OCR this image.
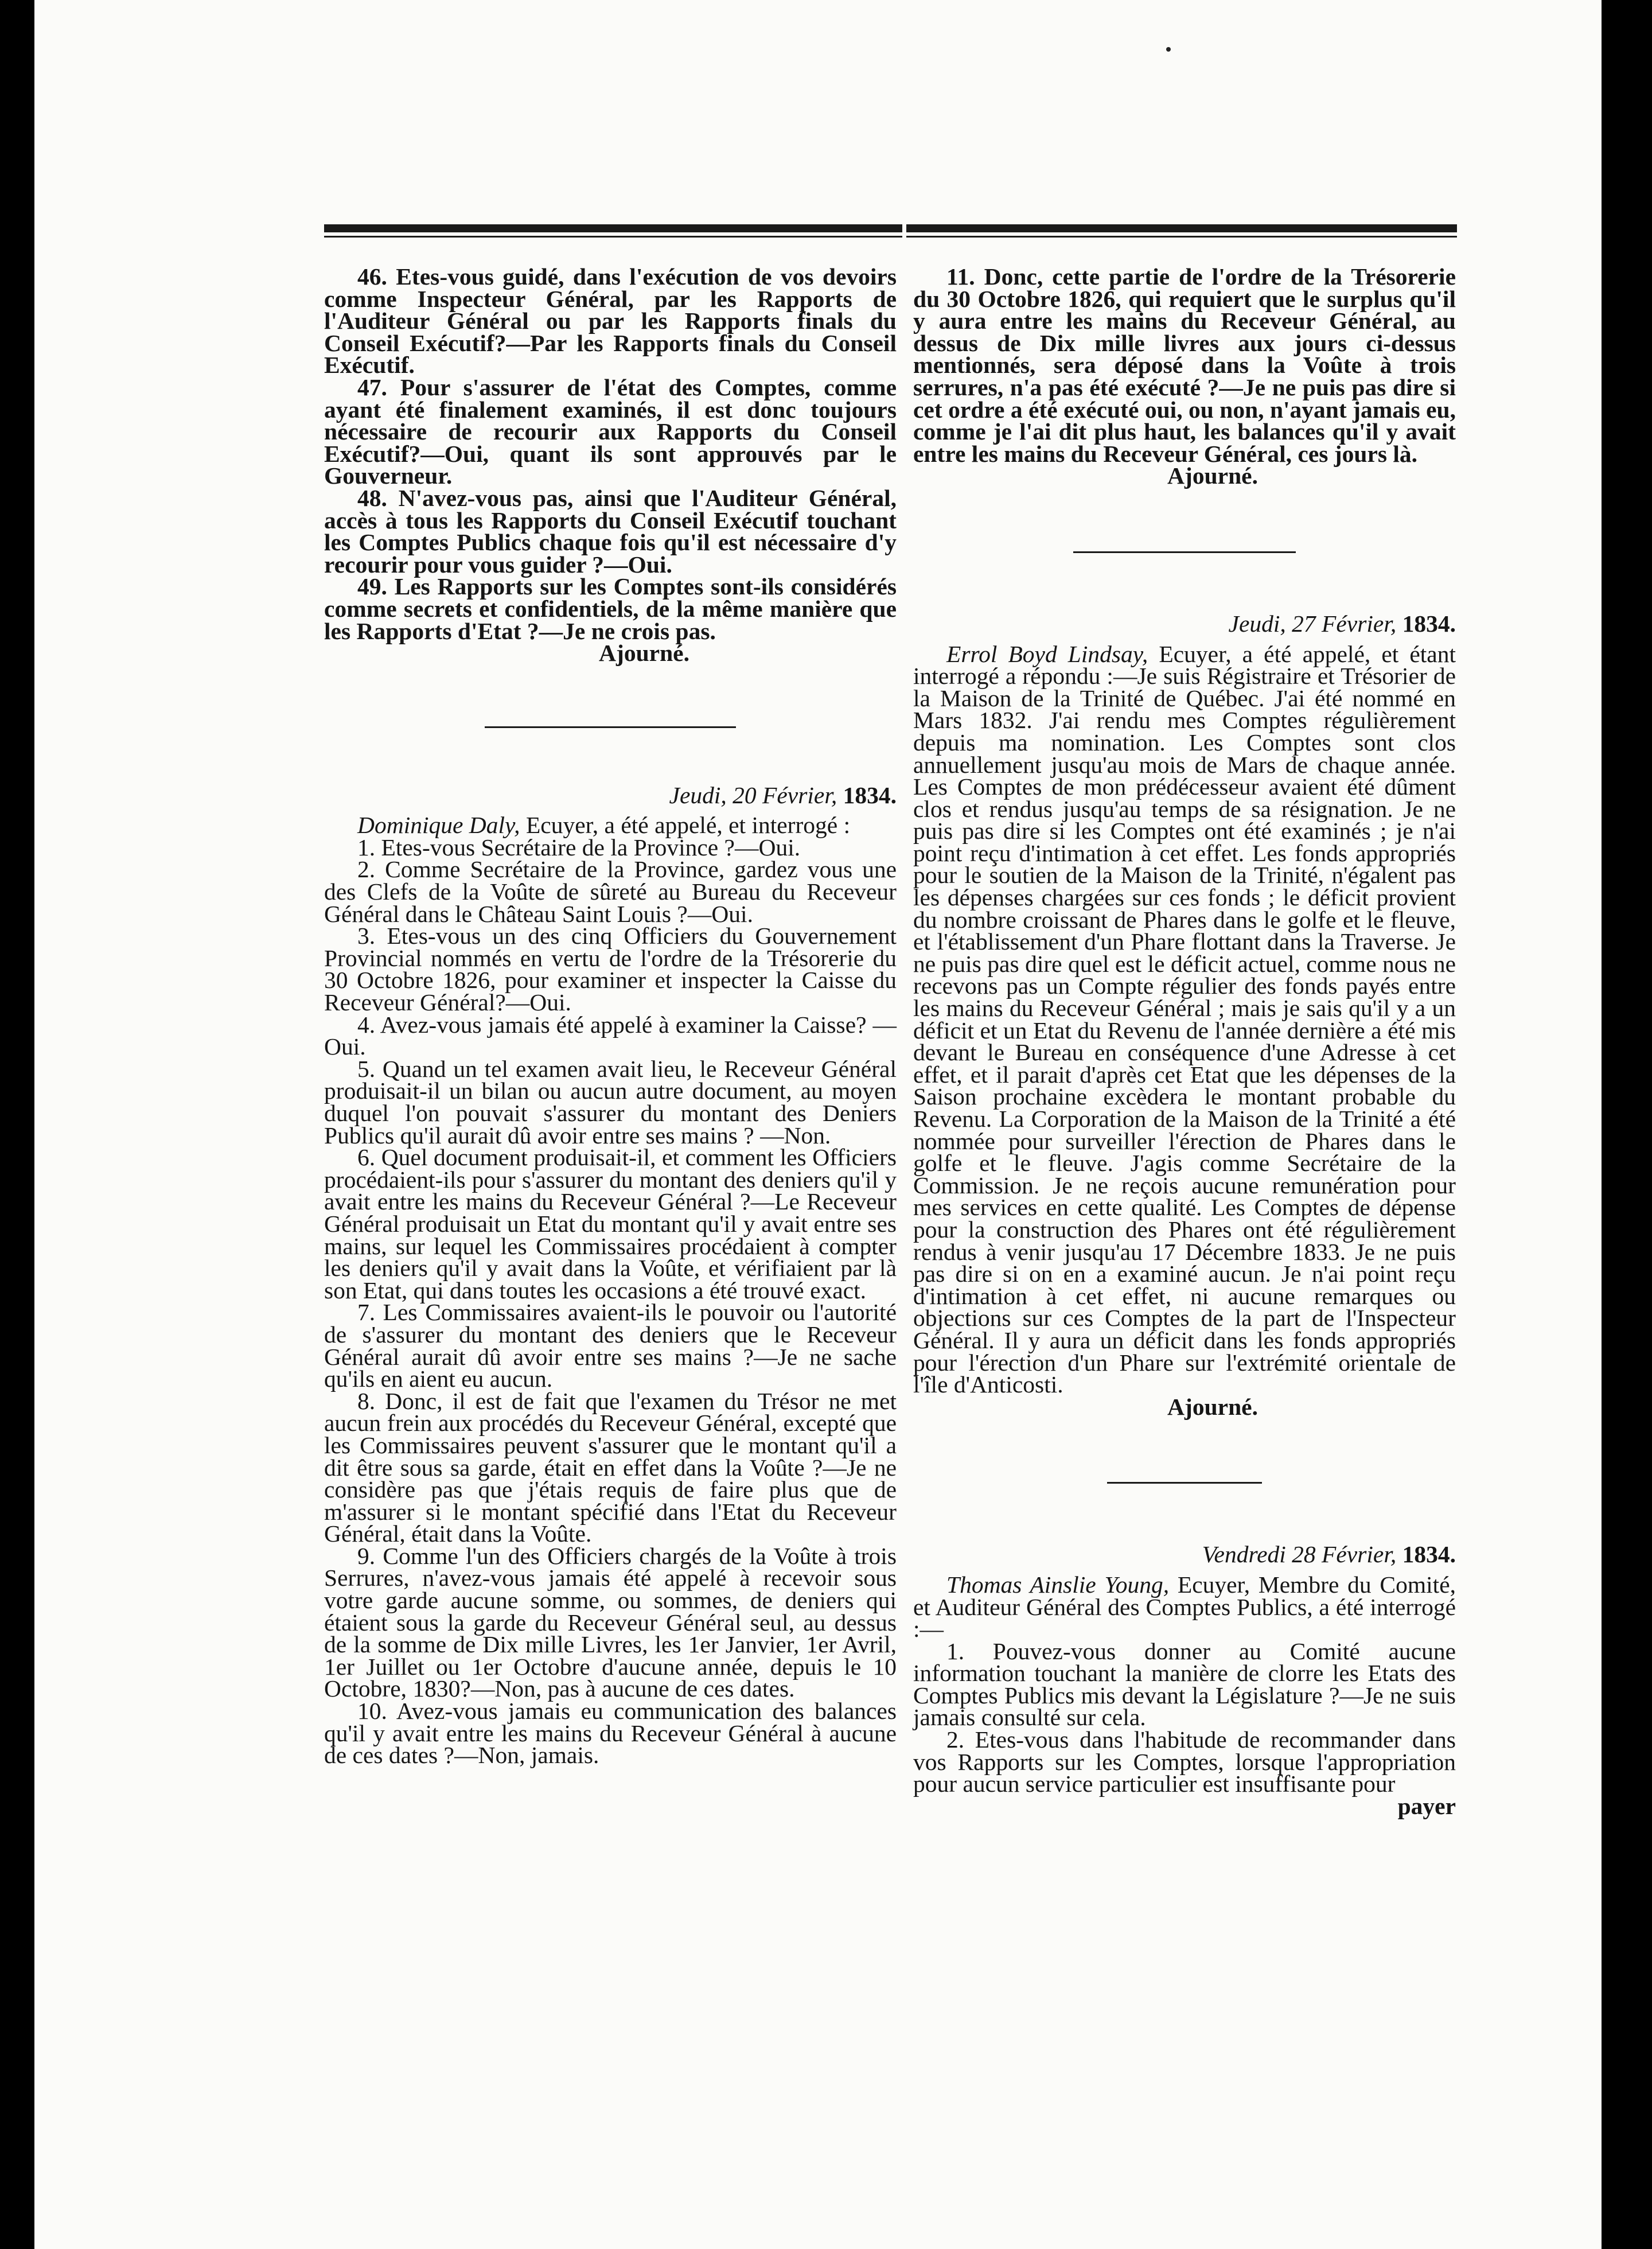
46. Etes-vous guidé, dans l'exécution de vos devoirs comme Inspecteur Général, par les Rapports de l'Auditeur Général ou par les Rapports finals du Conseil Exécutif?—Par les Rapports finals du Conseil Exécutif.

47. Pour s'assurer de l'état des Comptes, comme ayant été finalement examinés, il est donc toujours nécessaire de recourir aux Rapports du Conseil Exécutif?—Oui, quant ils sont approuvés par le Gouverneur.

48. N'avez-vous pas, ainsi que l'Auditeur Général, accès à tous les Rapports du Conseil Exécutif touchant les Comptes Publics chaque fois qu'il est nécessaire d'y recourir pour vous guider ?—Oui.

49. Les Rapports sur les Comptes sont-ils considérés comme secrets et confidentiels, de la même manière que les Rapports d'Etat ?—Je ne crois pas.

Ajourné.

Jeudi, 20 Février, 1834.

Dominique Daly, Ecuyer, a été appelé, et interrogé :

1. Etes-vous Secrétaire de la Province ?—Oui.

2. Comme Secrétaire de la Province, gardez vous une des Clefs de la Voûte de sûreté au Bureau du Receveur Général dans le Château Saint Louis ?—Oui.

3. Etes-vous un des cinq Officiers du Gouvernement Provincial nommés en vertu de l'ordre de la Trésorerie du 30 Octobre 1826, pour examiner et inspecter la Caisse du Receveur Général?—Oui.

4. Avez-vous jamais été appelé à examiner la Caisse? —Oui.

5. Quand un tel examen avait lieu, le Receveur Général produisait-il un bilan ou aucun autre document, au moyen duquel l'on pouvait s'assurer du montant des Deniers Publics qu'il aurait dû avoir entre ses mains ? —Non.

6. Quel document produisait-il, et comment les Officiers procédaient-ils pour s'assurer du montant des deniers qu'il y avait entre les mains du Receveur Général ?—Le Receveur Général produisait un Etat du montant qu'il y avait entre ses mains, sur lequel les Commissaires procédaient à compter les deniers qu'il y avait dans la Voûte, et vérifiaient par là son Etat, qui dans toutes les occasions a été trouvé exact.

7. Les Commissaires avaient-ils le pouvoir ou l'autorité de s'assurer du montant des deniers que le Receveur Général aurait dû avoir entre ses mains ?—Je ne sache qu'ils en aient eu aucun.

8. Donc, il est de fait que l'examen du Trésor ne met aucun frein aux procédés du Receveur Général, excepté que les Commissaires peuvent s'assurer que le montant qu'il a dit être sous sa garde, était en effet dans la Voûte ?—Je ne considère pas que j'étais requis de faire plus que de m'assurer si le montant spécifié dans l'Etat du Receveur Général, était dans la Voûte.

9. Comme l'un des Officiers chargés de la Voûte à trois Serrures, n'avez-vous jamais été appelé à recevoir sous votre garde aucune somme, ou sommes, de deniers qui étaient sous la garde du Receveur Général seul, au dessus de la somme de Dix mille Livres, les 1er Janvier, 1er Avril, 1er Juillet ou 1er Octobre d'aucune année, depuis le 10 Octobre, 1830?—Non, pas à aucune de ces dates.

10. Avez-vous jamais eu communication des balances qu'il y avait entre les mains du Receveur Général à aucune de ces dates ?—Non, jamais.

11. Donc, cette partie de l'ordre de la Trésorerie du 30 Octobre 1826, qui requiert que le surplus qu'il y aura entre les mains du Receveur Général, au dessus de Dix mille livres aux jours ci-dessus mentionnés, sera déposé dans la Voûte à trois serrures, n'a pas été exécuté ?—Je ne puis pas dire si cet ordre a été exécuté oui, ou non, n'ayant jamais eu, comme je l'ai dit plus haut, les balances qu'il y avait entre les mains du Receveur Général, ces jours là.

Ajourné.

Jeudi, 27 Février, 1834.

Errol Boyd Lindsay, Ecuyer, a été appelé, et étant interrogé a répondu :—Je suis Régistraire et Trésorier de la Maison de la Trinité de Québec. J'ai été nommé en Mars 1832. J'ai rendu mes Comptes régulièrement depuis ma nomination. Les Comptes sont clos annuellement jusqu'au mois de Mars de chaque année. Les Comptes de mon prédécesseur avaient été dûment clos et rendus jusqu'au temps de sa résignation. Je ne puis pas dire si les Comptes ont été examinés ; je n'ai point reçu d'intimation à cet effet. Les fonds appropriés pour le soutien de la Maison de la Trinité, n'égalent pas les dépenses chargées sur ces fonds ; le déficit provient du nombre croissant de Phares dans le golfe et le fleuve, et l'établissement d'un Phare flottant dans la Traverse. Je ne puis pas dire quel est le déficit actuel, comme nous ne recevons pas un Compte régulier des fonds payés entre les mains du Receveur Général ; mais je sais qu'il y a un déficit et un Etat du Revenu de l'année dernière a été mis devant le Bureau en conséquence d'une Adresse à cet effet, et il parait d'après cet Etat que les dépenses de la Saison prochaine excèdera le montant probable du Revenu. La Corporation de la Maison de la Trinité a été nommée pour surveiller l'érection de Phares dans le golfe et le fleuve. J'agis comme Secrétaire de la Commission. Je ne reçois aucune remunération pour mes services en cette qualité. Les Comptes de dépense pour la construction des Phares ont été régulièrement rendus à venir jusqu'au 17 Décembre 1833. Je ne puis pas dire si on en a examiné aucun. Je n'ai point reçu d'intimation à cet effet, ni aucune remarques ou objections sur ces Comptes de la part de l'Inspecteur Général. Il y aura un déficit dans les fonds appropriés pour l'érection d'un Phare sur l'extrémité orientale de l'île d'Anticosti.

Ajourné.

Vendredi 28 Février, 1834.

Thomas Ainslie Young, Ecuyer, Membre du Comité, et Auditeur Général des Comptes Publics, a été interrogé :—

1. Pouvez-vous donner au Comité aucune information touchant la manière de clorre les Etats des Comptes Publics mis devant la Législature ?—Je ne suis jamais consulté sur cela.

2. Etes-vous dans l'habitude de recommander dans vos Rapports sur les Comptes, lorsque l'appropriation pour aucun service particulier est insuffisante pour

payer
